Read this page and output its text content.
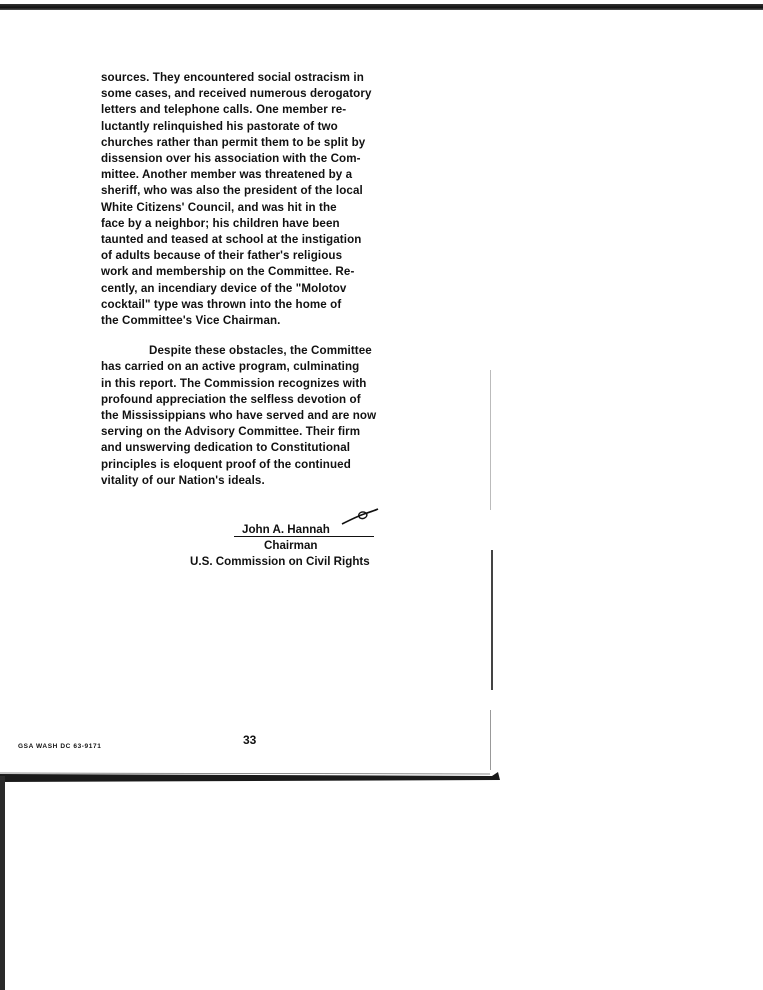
sources. They encountered social ostracism in

some cases, and received numerous derogatory

letters and telephone calls. One member re-

luctantly relinquished his pastorate of two

churches rather than permit them to be split by

dissension over his association with the Com-

mittee. Another member was threatened by a

sheriff, who was also the president of the local

White Citizens' Council, and was hit in the

face by a neighbor; his children have been

taunted and teased at school at the instigation

of adults because of their father's religious

work and membership on the Committee. Re-

cently, an incendiary device of the "Molotov

cocktail" type was thrown into the home of

the Committee's Vice Chairman.

Despite these obstacles, the Committee

has carried on an active program, culminating

in this report. The Commission recognizes with

profound appreciation the selfless devotion of

the Mississippians who have served and are now

serving on the Advisory Committee. Their firm

and unswerving dedication to Constitutional

principles is eloquent proof of the continued

vitality of our Nation's ideals.

John A. Hannah
Chairman
U.S. Commission on Civil Rights
33
GSA WASH DC 63-9171
